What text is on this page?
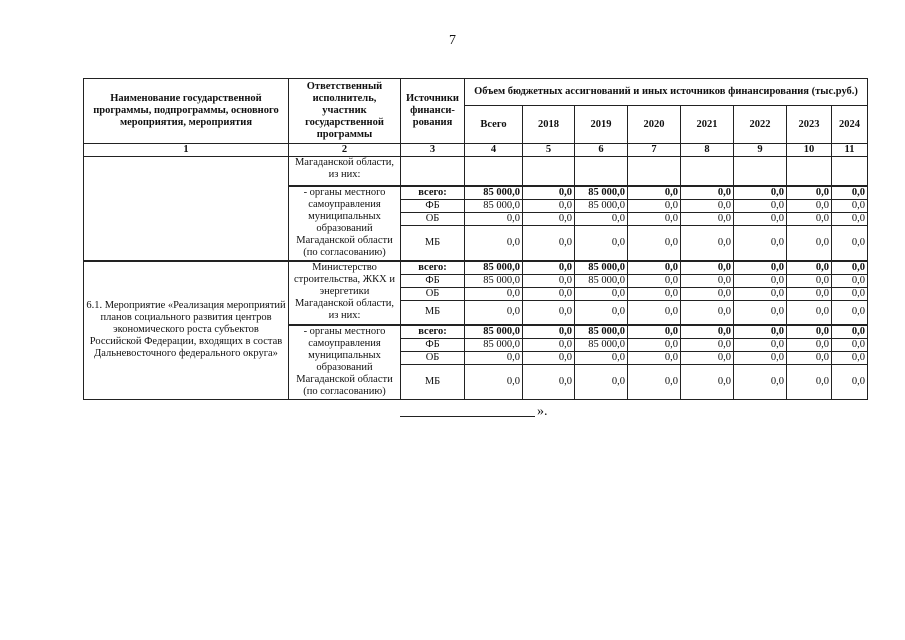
7
Наименование государственной программы, подпрограммы, основного мероприятия, мероприятия	Ответственный исполнитель, участник государственной программы	Источники финанси-рования	Объем бюджетных ассигнований и иных источников финансирования (тыс.руб.)							
			Всего	2018	2019	2020	2021	2022	2023	2024
1	2	3	4	5	6	7	8	9	10	11
	Магаданской области, из них:									
	- органы местного самоуправления муниципальных образований Магаданской области (по согласованию)	всего:	85 000,0	0,0	85 000,0	0,0	0,0	0,0	0,0	0,0
		ФБ	85 000,0	0,0	85 000,0	0,0	0,0	0,0	0,0	0,0
		ОБ	0,0	0,0	0,0	0,0	0,0	0,0	0,0	0,0
		МБ	0,0	0,0	0,0	0,0	0,0	0,0	0,0	0,0
6.1. Мероприятие «Реализация мероприятий планов социального развития центров экономического роста субъектов Российской Федерации, входящих в состав Дальневосточного федерального округа»	Министерство строительства, ЖКХ и энергетики Магаданской области, из них:	всего:	85 000,0	0,0	85 000,0	0,0	0,0	0,0	0,0	0,0
		ФБ	85 000,0	0,0	85 000,0	0,0	0,0	0,0	0,0	0,0
		ОБ	0,0	0,0	0,0	0,0	0,0	0,0	0,0	0,0
		МБ	0,0	0,0	0,0	0,0	0,0	0,0	0,0	0,0
	- органы местного самоуправления муниципальных образований Магаданской области (по согласованию)	всего:	85 000,0	0,0	85 000,0	0,0	0,0	0,0	0,0	0,0
		ФБ	85 000,0	0,0	85 000,0	0,0	0,0	0,0	0,0	0,0
		ОБ	0,0	0,0	0,0	0,0	0,0	0,0	0,0	0,0
		МБ	0,0	0,0	0,0	0,0	0,0	0,0	0,0	0,0
».
